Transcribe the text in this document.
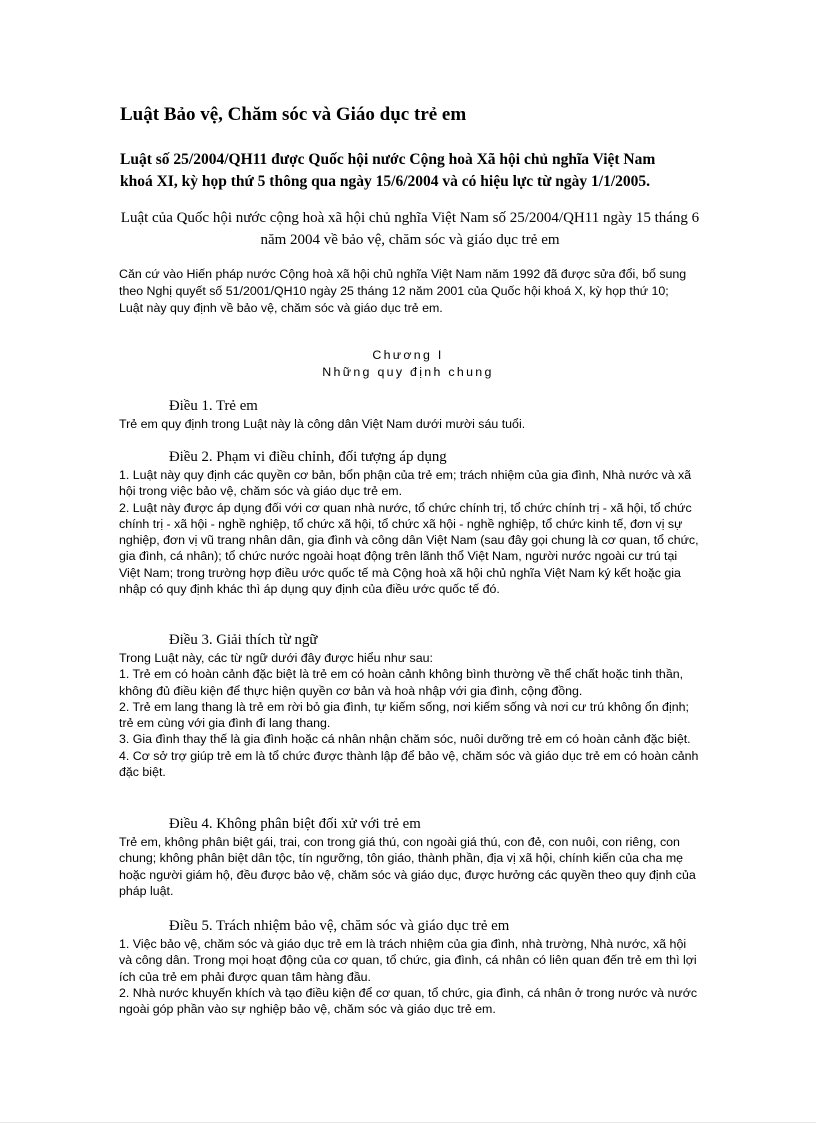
Luật Bảo vệ, Chăm sóc và Giáo dục trẻ em
Luật số 25/2004/QH11 được Quốc hội nước Cộng hoà Xã hội chủ nghĩa Việt Nam khoá XI, kỳ họp thứ 5 thông qua ngày 15/6/2004 và có hiệu lực từ ngày 1/1/2005.
Luật của Quốc hội nước cộng hoà xã hội chủ nghĩa Việt Nam số 25/2004/QH11 ngày 15 tháng 6 năm 2004 về bảo vệ, chăm sóc và giáo dục trẻ em

Căn cứ vào Hiến pháp nước Cộng hoà xã hội chủ nghĩa Việt Nam năm 1992 đã được sửa đổi, bổ sung theo Nghị quyết số 51/2001/QH10 ngày 25 tháng 12 năm 2001 của Quốc hội khoá X, kỳ họp thứ 10;

Luật này quy định về bảo vệ, chăm sóc và giáo dục trẻ em.

Chương I

Những quy định chung

Điều 1. Trẻ em

Trẻ em quy định trong Luật này là công dân Việt Nam dưới mười sáu tuổi.

Điều 2. Phạm vi điều chỉnh, đối tượng áp dụng

1. Luật này quy định các quyền cơ bản, bổn phận của trẻ em; trách nhiệm của gia đình, Nhà nước và xã hội trong việc bảo vệ, chăm sóc và giáo dục trẻ em.

2. Luật này được áp dụng đối với cơ quan nhà nước, tổ chức chính trị, tổ chức chính trị - xã hội, tổ chức chính trị - xã hội - nghề nghiệp, tổ chức xã hội, tổ chức xã hội - nghề nghiệp, tổ chức kinh tế, đơn vị sự nghiệp, đơn vị vũ trang nhân dân, gia đình và công dân Việt Nam (sau đây gọi chung là cơ quan, tổ chức, gia đình, cá nhân); tổ chức nước ngoài hoạt động trên lãnh thổ Việt Nam, người nước ngoài cư trú tại Việt Nam; trong trường hợp điều ước quốc tế mà Cộng hoà xã hội chủ nghĩa Việt Nam ký kết hoặc gia nhập có quy định khác thì áp dụng quy định của điều ước quốc tế đó.

Điều 3. Giải thích từ ngữ

Trong Luật này, các từ ngữ dưới đây được hiểu như sau:

1. Trẻ em có hoàn cảnh đặc biệt là trẻ em có hoàn cảnh không bình thường về thể chất hoặc tinh thần, không đủ điều kiện để thực hiện quyền cơ bản và hoà nhập với gia đình, cộng đồng.

2. Trẻ em lang thang là trẻ em rời bỏ gia đình, tự kiếm sống, nơi kiếm sống và nơi cư trú không ổn định; trẻ em cùng với gia đình đi lang thang.

3. Gia đình thay thế là gia đình hoặc cá nhân nhận chăm sóc, nuôi dưỡng trẻ em có hoàn cảnh đặc biệt.

4. Cơ sở trợ giúp trẻ em là tổ chức được thành lập để bảo vệ, chăm sóc và giáo dục trẻ em có hoàn cảnh đặc biệt.

Điều 4. Không phân biệt đối xử với trẻ em

Trẻ em, không phân biệt gái, trai, con trong giá thú, con ngoài giá thú, con đẻ, con nuôi, con riêng, con chung; không phân biệt dân tộc, tín ngưỡng, tôn giáo, thành phần, địa vị xã hội, chính kiến của cha mẹ hoặc người giám hộ, đều được bảo vệ, chăm sóc và giáo dục, được hưởng các quyền theo quy định của pháp luật.

Điều 5. Trách nhiệm bảo vệ, chăm sóc và giáo dục trẻ em

1. Việc bảo vệ, chăm sóc và giáo dục trẻ em là trách nhiệm của gia đình, nhà trường, Nhà nước, xã hội và công dân. Trong mọi hoạt động của cơ quan, tổ chức, gia đình, cá nhân có liên quan đến trẻ em thì lợi ích của trẻ em phải được quan tâm hàng đầu.

2. Nhà nước khuyến khích và tạo điều kiện để cơ quan, tổ chức, gia đình, cá nhân ở trong nước và nước ngoài góp phần vào sự nghiệp bảo vệ, chăm sóc và giáo dục trẻ em.
